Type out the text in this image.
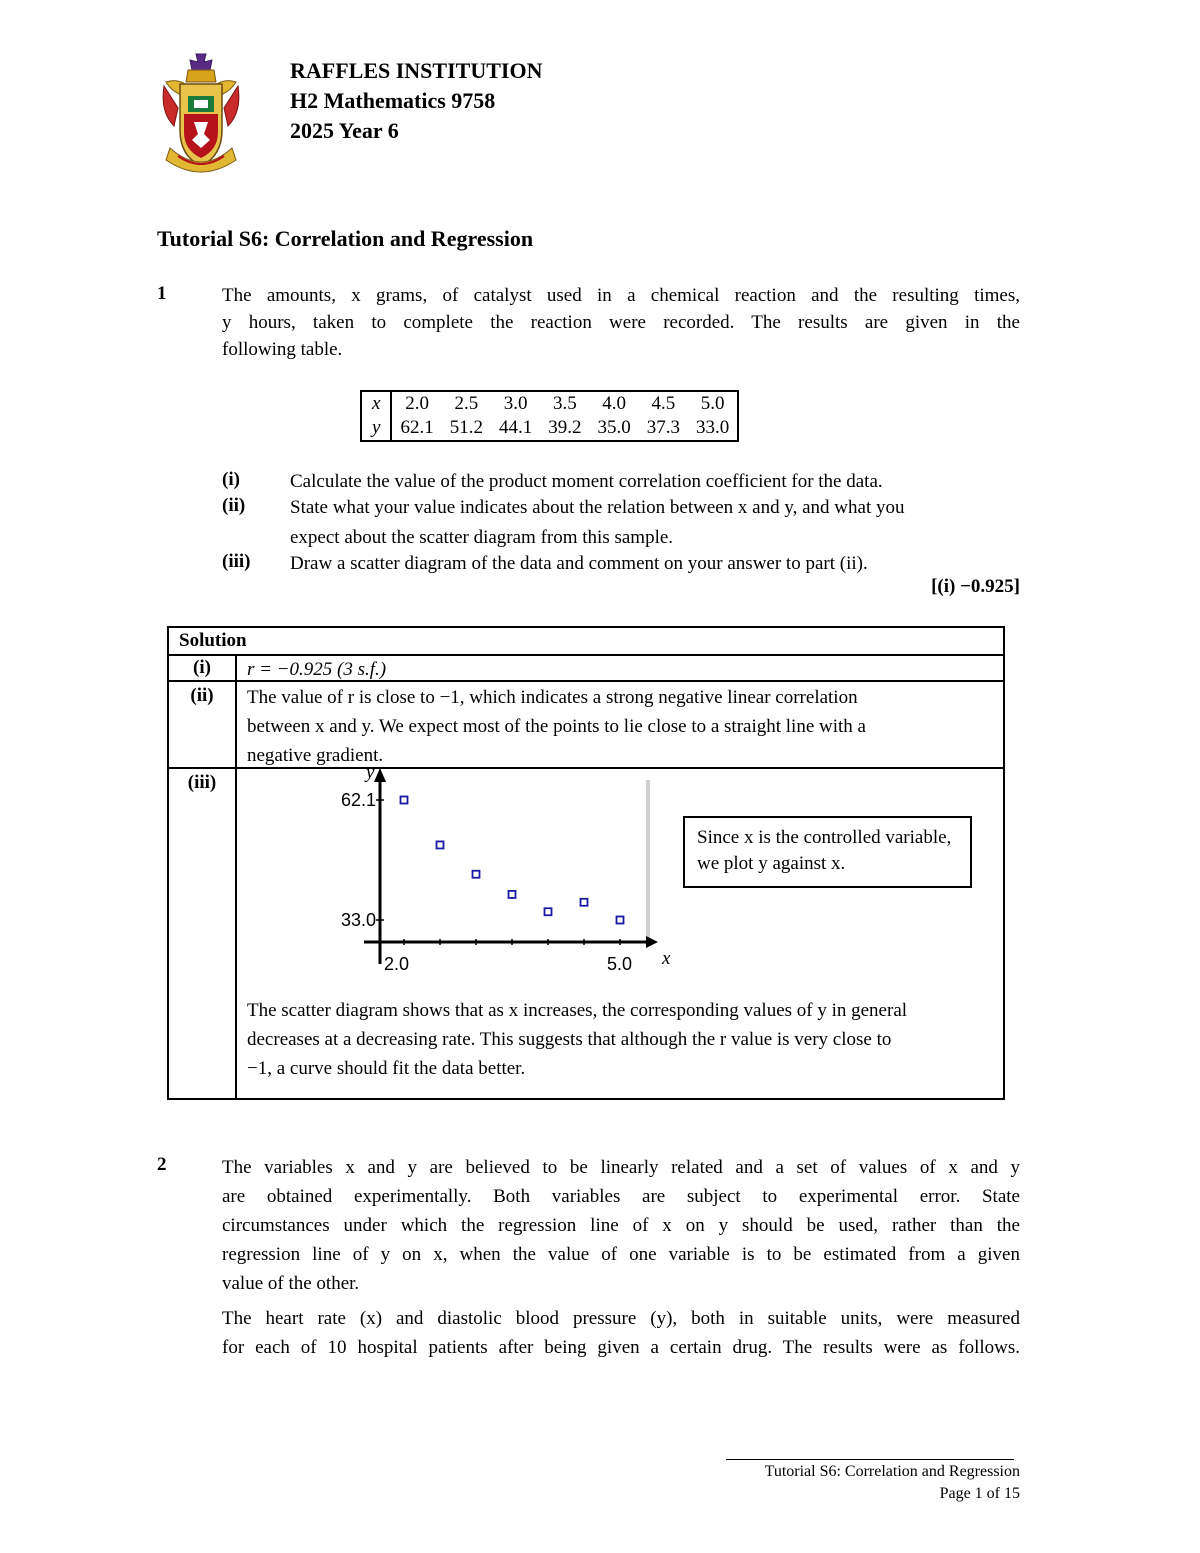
RAFFLES INSTITUTION
H2 Mathematics 9758
2025 Year 6
Tutorial S6: Correlation and Regression
1	The amounts, x grams, of catalyst used in a chemical reaction and the resulting times,
y hours, taken to complete the reaction were recorded. The results are given in the
following table.
x	2.0	2.5	3.0	3.5	4.0	4.5	5.0
y	62.1	51.2	44.1	39.2	35.0	37.3	33.0
(i)	Calculate the value of the product moment correlation coefficient for the data.
(ii) State what your value indicates about the relation between x and y, and what you
expect about the scatter diagram from this sample.
(iii) Draw a scatter diagram of the data and comment on your answer to part (ii).
[(i) −0.925]
Solution
(i)	r = −0.925 (3 s.f.)
(ii)	The value of r is close to −1, which indicates a strong negative linear correlation
between x and y. We expect most of the points to lie close to a straight line with a
negative gradient.
(iii)
The scatter diagram shows that as x increases, the corresponding values of y in general
decreases at a decreasing rate. This suggests that although the r value is very close to
−1, a curve should fit the data better.
62.1
33.0
2.0	5.0
y
x
Since x is the controlled variable, we plot y against x.
2	The variables x and y are believed to be linearly related and a set of values of x and y
are obtained experimentally. Both variables are subject to experimental error. State
circumstances under which the regression line of x on y should be used, rather than the
regression line of y on x, when the value of one variable is to be estimated from a given
value of the other.
The heart rate (x) and diastolic blood pressure (y), both in suitable units, were measured
for each of 10 hospital patients after being given a certain drug. The results were as follows.
Tutorial S6: Correlation and Regression
Page 1 of 15
